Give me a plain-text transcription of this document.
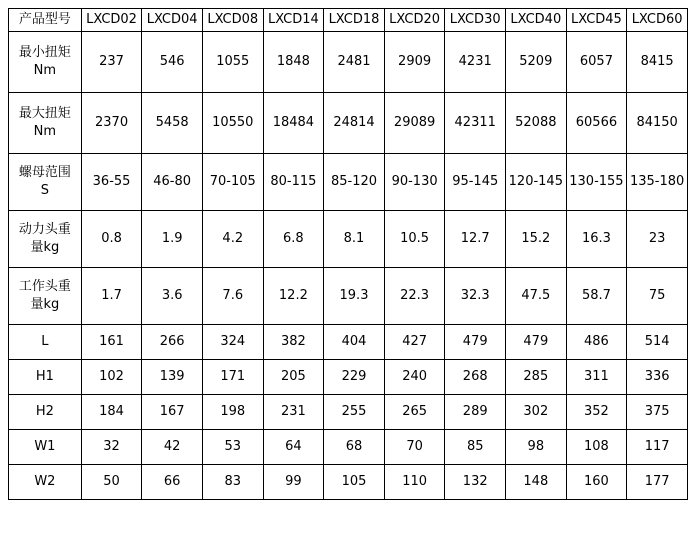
产品型号	LXCD02	LXCD04	LXCD08	LXCD14	LXCD18	LXCD20	LXCD30	LXCD40	LXCD45	LXCD60

最小扭矩
Nm	237	546	1055	1848	2481	2909	4231	5209	6057	8415

最大扭矩
Nm	2370	5458	10550	18484	24814	29089	42311	52088	60566	84150

螺母范围
S	36-55	46-80	70-105	80-115	85-120	90-130	95-145	120-145	130-155	135-180

动力头重
量kg	0.8	1.9	4.2	6.8	8.1	10.5	12.7	15.2	16.3	23

工作头重
量kg	1.7	3.6	7.6	12.2	19.3	22.3	32.3	47.5	58.7	75
L	161	266	324	382	404	427	479	479	486	514
H1	102	139	171	205	229	240	268	285	311	336
H2	184	167	198	231	255	265	289	302	352	375
W1	32	42	53	64	68	70	85	98	108	117
W2	50	66	83	99	105	110	132	148	160	177
